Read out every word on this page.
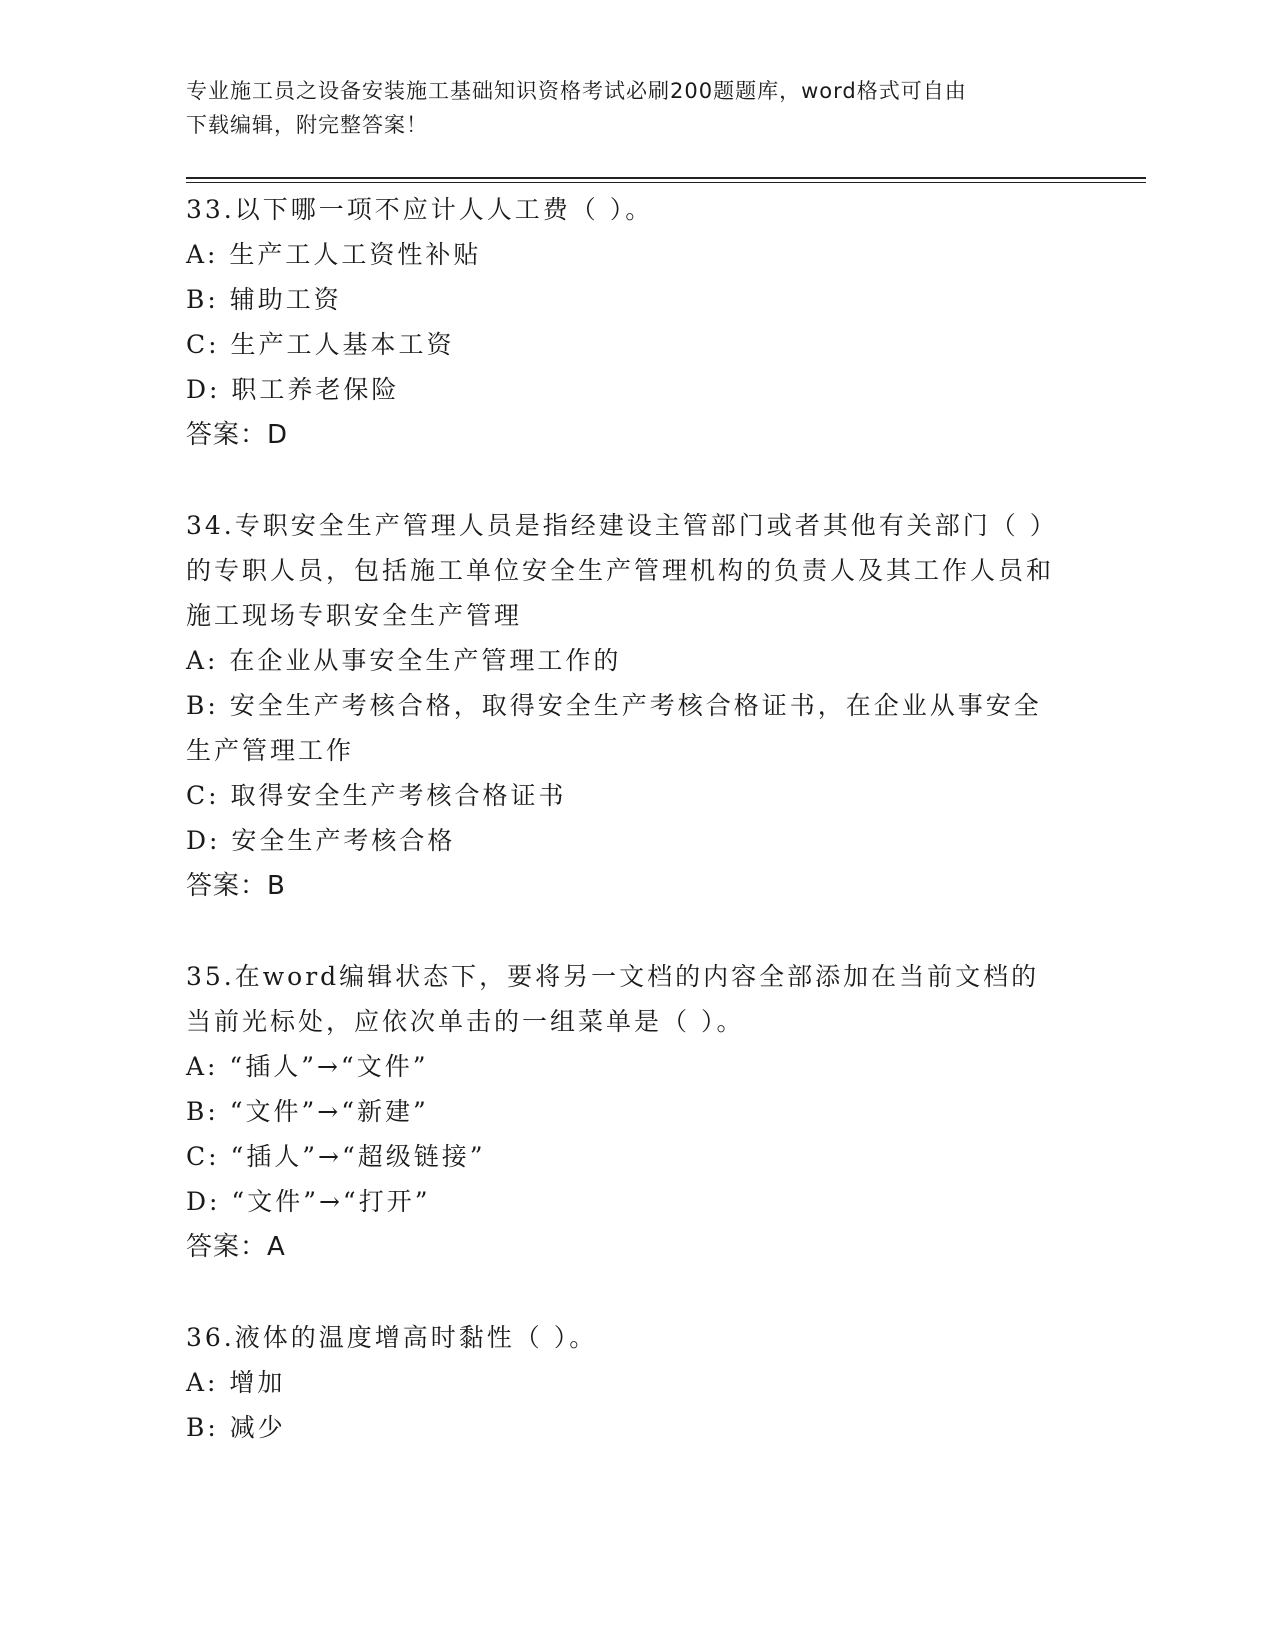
专业施工员之设备安装施工基础知识资格考试必刷200题题库，word格式可自由
下载编辑，附完整答案！
33.以下哪一项不应计人人工费（ ）。
A: 生产工人工资性补贴
B: 辅助工资
C: 生产工人基本工资
D: 职工养老保险
答案：D
34.专职安全生产管理人员是指经建设主管部门或者其他有关部门（ ）的专职人员，包括施工单位安全生产管理机构的负责人及其工作人员和施工现场专职安全生产管理
A: 在企业从事安全生产管理工作的
B: 安全生产考核合格，取得安全生产考核合格证书，在企业从事安全生产管理工作
C: 取得安全生产考核合格证书
D: 安全生产考核合格
答案：B
35.在word编辑状态下，要将另一文档的内容全部添加在当前文档的当前光标处，应依次单击的一组菜单是（ ）。
A: “插人”→“文件”
B: “文件”→“新建”
C: “插人”→“超级链接”
D: “文件”→“打开”
答案：A
36.液体的温度增高时黏性（ ）。
A: 增加
B: 减少
